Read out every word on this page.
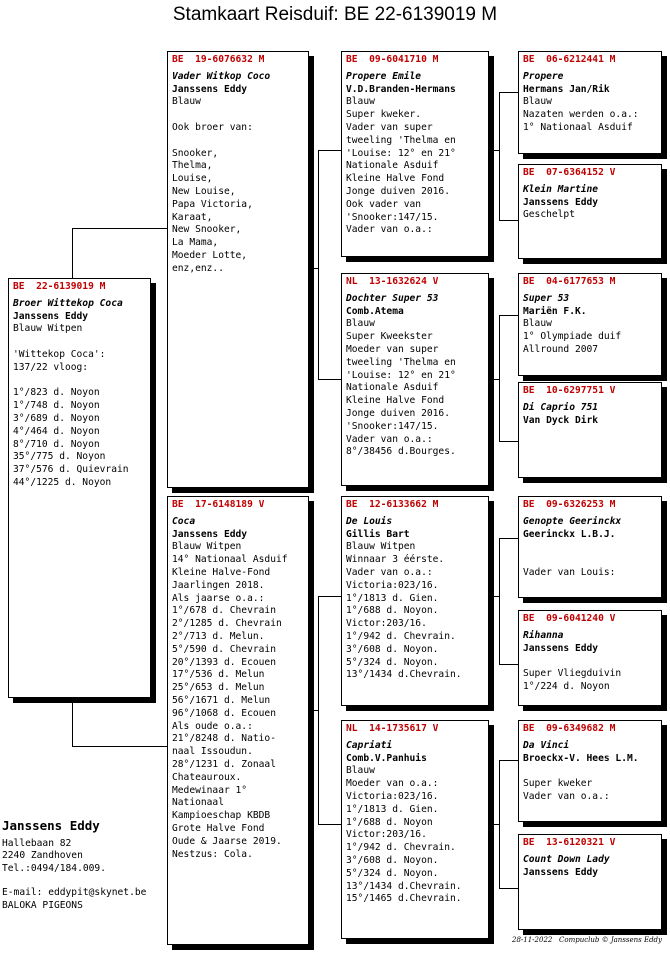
Stamkaart Reisduif: BE 22-6139019 M
BE  22-6139019 M
Broer Wittekop Coca
Janssens Eddy
Blauw Witpen
'Wittekop Coca':
137/22 vloog:
1°/823 d. Noyon
1°/748 d. Noyon
3°/689 d. Noyon
4°/464 d. Noyon
8°/710 d. Noyon
35°/775 d. Noyon
37°/576 d. Quievrain
44°/1225 d. Noyon
BE  19-6076632 M
Vader Witkop Coco
Janssens Eddy
Blauw
Ook broer van:
Snooker,
Thelma,
Louise,
New Louise,
Papa Victoria,
Karaat,
New Snooker,
La Mama,
Moeder Lotte,
enz,enz..
BE  17-6148189 V
Coca
Janssens Eddy
Blauw Witpen
14° Nationaal Asduif
Kleine Halve-Fond
Jaarlingen 2018.
Als jaarse o.a.:
1°/678 d. Chevrain
2°/1285 d. Chevrain
2°/713 d. Melun.
5°/590 d. Chevrain
20°/1393 d. Ecouen
17°/536 d. Melun
25°/653 d. Melun
56°/1671 d. Melun
96°/1068 d. Ecouen
Als oude o.a.:
21°/8248 d. Natio-
naal Issoudun.
28°/1231 d. Zonaal
Chateauroux.
Medewinaar 1°
Nationaal
Kampioeschap KBDB
Grote Halve Fond
Oude & Jaarse 2019.
Nestzus: Cola.
BE  09-6041710 M
Propere Emile
V.D.Branden-Hermans
Blauw
Super kweker.
Vader van super
tweeling 'Thelma en
'Louise: 12° en 21°
Nationale Asduif
Kleine Halve Fond
Jonge duiven 2016.
Ook vader van
'Snooker:147/15.
Vader van o.a.:
NL  13-1632624 V
Dochter Super 53
Comb.Atema
Blauw
Super Kweekster
Moeder van super
tweeling 'Thelma en
'Louise: 12° en 21°
Nationale Asduif
Kleine Halve Fond
Jonge duiven 2016.
'Snooker:147/15.
Vader van o.a.:
8°/38456 d.Bourges.
BE  12-6133662 M
De Louis
Gillis Bart
Blauw Witpen
Winnaar 3 éérste.
Vader van o.a.:
Victoria:023/16.
1°/1813 d. Gien.
1°/688 d. Noyon.
Victor:203/16.
1°/942 d. Chevrain.
3°/608 d. Noyon.
5°/324 d. Noyon.
13°/1434 d.Chevrain.
NL  14-1735617 V
Capriati
Comb.V.Panhuis
Blauw
Moeder van o.a.:
Victoria:023/16.
1°/1813 d. Gien.
1°/688 d. Noyon
Victor:203/16.
1°/942 d. Chevrain.
3°/608 d. Noyon.
5°/324 d. Noyon.
13°/1434 d.Chevrain.
15°/1465 d.Chevrain.
BE  06-6212441 M
Propere
Hermans Jan/Rik
Blauw
Nazaten werden o.a.:
1° Nationaal Asduif
BE  07-6364152 V
Klein Martine
Janssens Eddy
Geschelpt
BE  04-6177653 M
Super 53
Mariën F.K.
Blauw
1° Olympiade duif
Allround 2007
BE  10-6297751 V
Di Caprio 751
Van Dyck Dirk
BE  09-6326253 M
Genopte Geerinckx
Geerinckx L.B.J.
Vader van Louis:
BE  09-6041240 V
Rihanna
Janssens Eddy
Super Vliegduivin
1°/224 d. Noyon
BE  09-6349682 M
Da Vinci
Broeckx-V. Hees L.M.
Super kweker
Vader van o.a.:
BE  13-6120321 V
Count Down Lady
Janssens Eddy
Janssens Eddy
Hallebaan 82
2240 Zandhoven
Tel.:0494/184.009.
E-mail: eddypit@skynet.be
BALOKA PIGEONS
28-11-2022   Compuclub © Janssens Eddy
